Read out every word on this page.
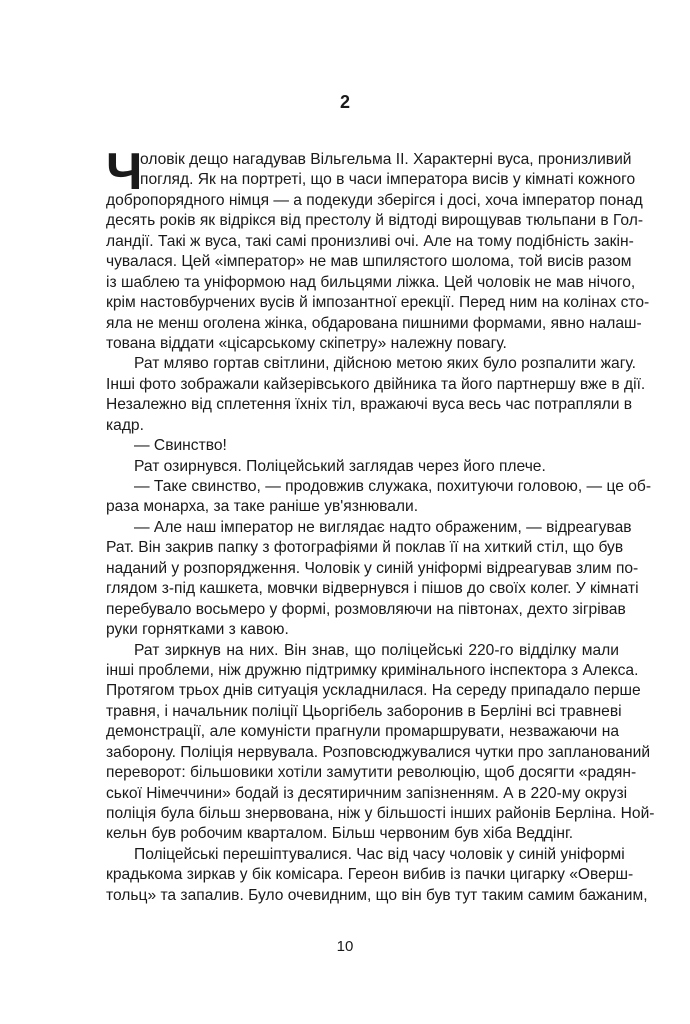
2
Ч
оловік дещо нагадував Вільгельма II. Характерні вуса, пронизливий
погляд. Як на портреті, що в часи імператора висів у кімнаті кожного
добропорядного німця — а подекуди зберігся і досі, хоча імператор понад
десять років як відрікся від престолу й відтоді вирощував тюльпани в Гол-
ландії. Такі ж вуса, такі самі пронизливі очі. Але на тому подібність закін-
чувалася. Цей «імператор» не мав шпилястого шолома, той висів разом
із шаблею та уніформою над бильцями ліжка. Цей чоловік не мав нічого,
крім настовбурчених вусів й імпозантної ерекції. Перед ним на колінах сто-
яла не менш оголена жінка, обдарована пишними формами, явно налаш-
тована віддати «цісарському скіпетру» належну повагу.
Рат мляво гортав світлини, дійсною метою яких було розпалити жагу.
Інші фото зображали кайзерівського двійника та його партнершу вже в дії.
Незалежно від сплетення їхніх тіл, вражаючі вуса весь час потрапляли в
кадр.
— Свинство!
Рат озирнувся. Поліцейський заглядав через його плече.
— Таке свинство, — продовжив служака, похитуючи головою, — це об-
раза монарха, за таке раніше ув'язнювали.
— Але наш імператор не виглядає надто ображеним, — відреагував
Рат. Він закрив папку з фотографіями й поклав її на хиткий стіл, що був
наданий у розпорядження. Чоловік у синій уніформі відреагував злим по-
глядом з-під кашкета, мовчки відвернувся і пішов до своїх колег. У кімнаті
перебувало восьмеро у формі, розмовляючи на півтонах, дехто зігрівав
руки горнятками з кавою.
Рат зиркнув на них. Він знав, що поліцейські 220-го відділку мали
інші проблеми, ніж дружню підтримку кримінального інспектора з Алекса.
Протягом трьох днів ситуація ускладнилася. На середу припадало перше
травня, і начальник поліції Цьоргібель заборонив в Берліні всі травневі
демонстрації, але комуністи прагнули промаршрувати, незважаючи на
заборону. Поліція нервувала. Розповсюджувалися чутки про запланований
переворот: більшовики хотіли замутити революцію, щоб досягти «радян-
ської Німеччини» бодай із десятиричним запізненням. А в 220-му окрузі
поліція була більш знервована, ніж у більшості інших районів Берліна. Ной-
кельн був робочим кварталом. Більш червоним був хіба Веддінг.
Поліцейські перешіптувалися. Час від часу чоловік у синій уніформі
крадькома зиркав у бік комісара. Гереон вибив із пачки цигарку «Оверш-
тольц» та запалив. Було очевидним, що він був тут таким самим бажаним,
10
